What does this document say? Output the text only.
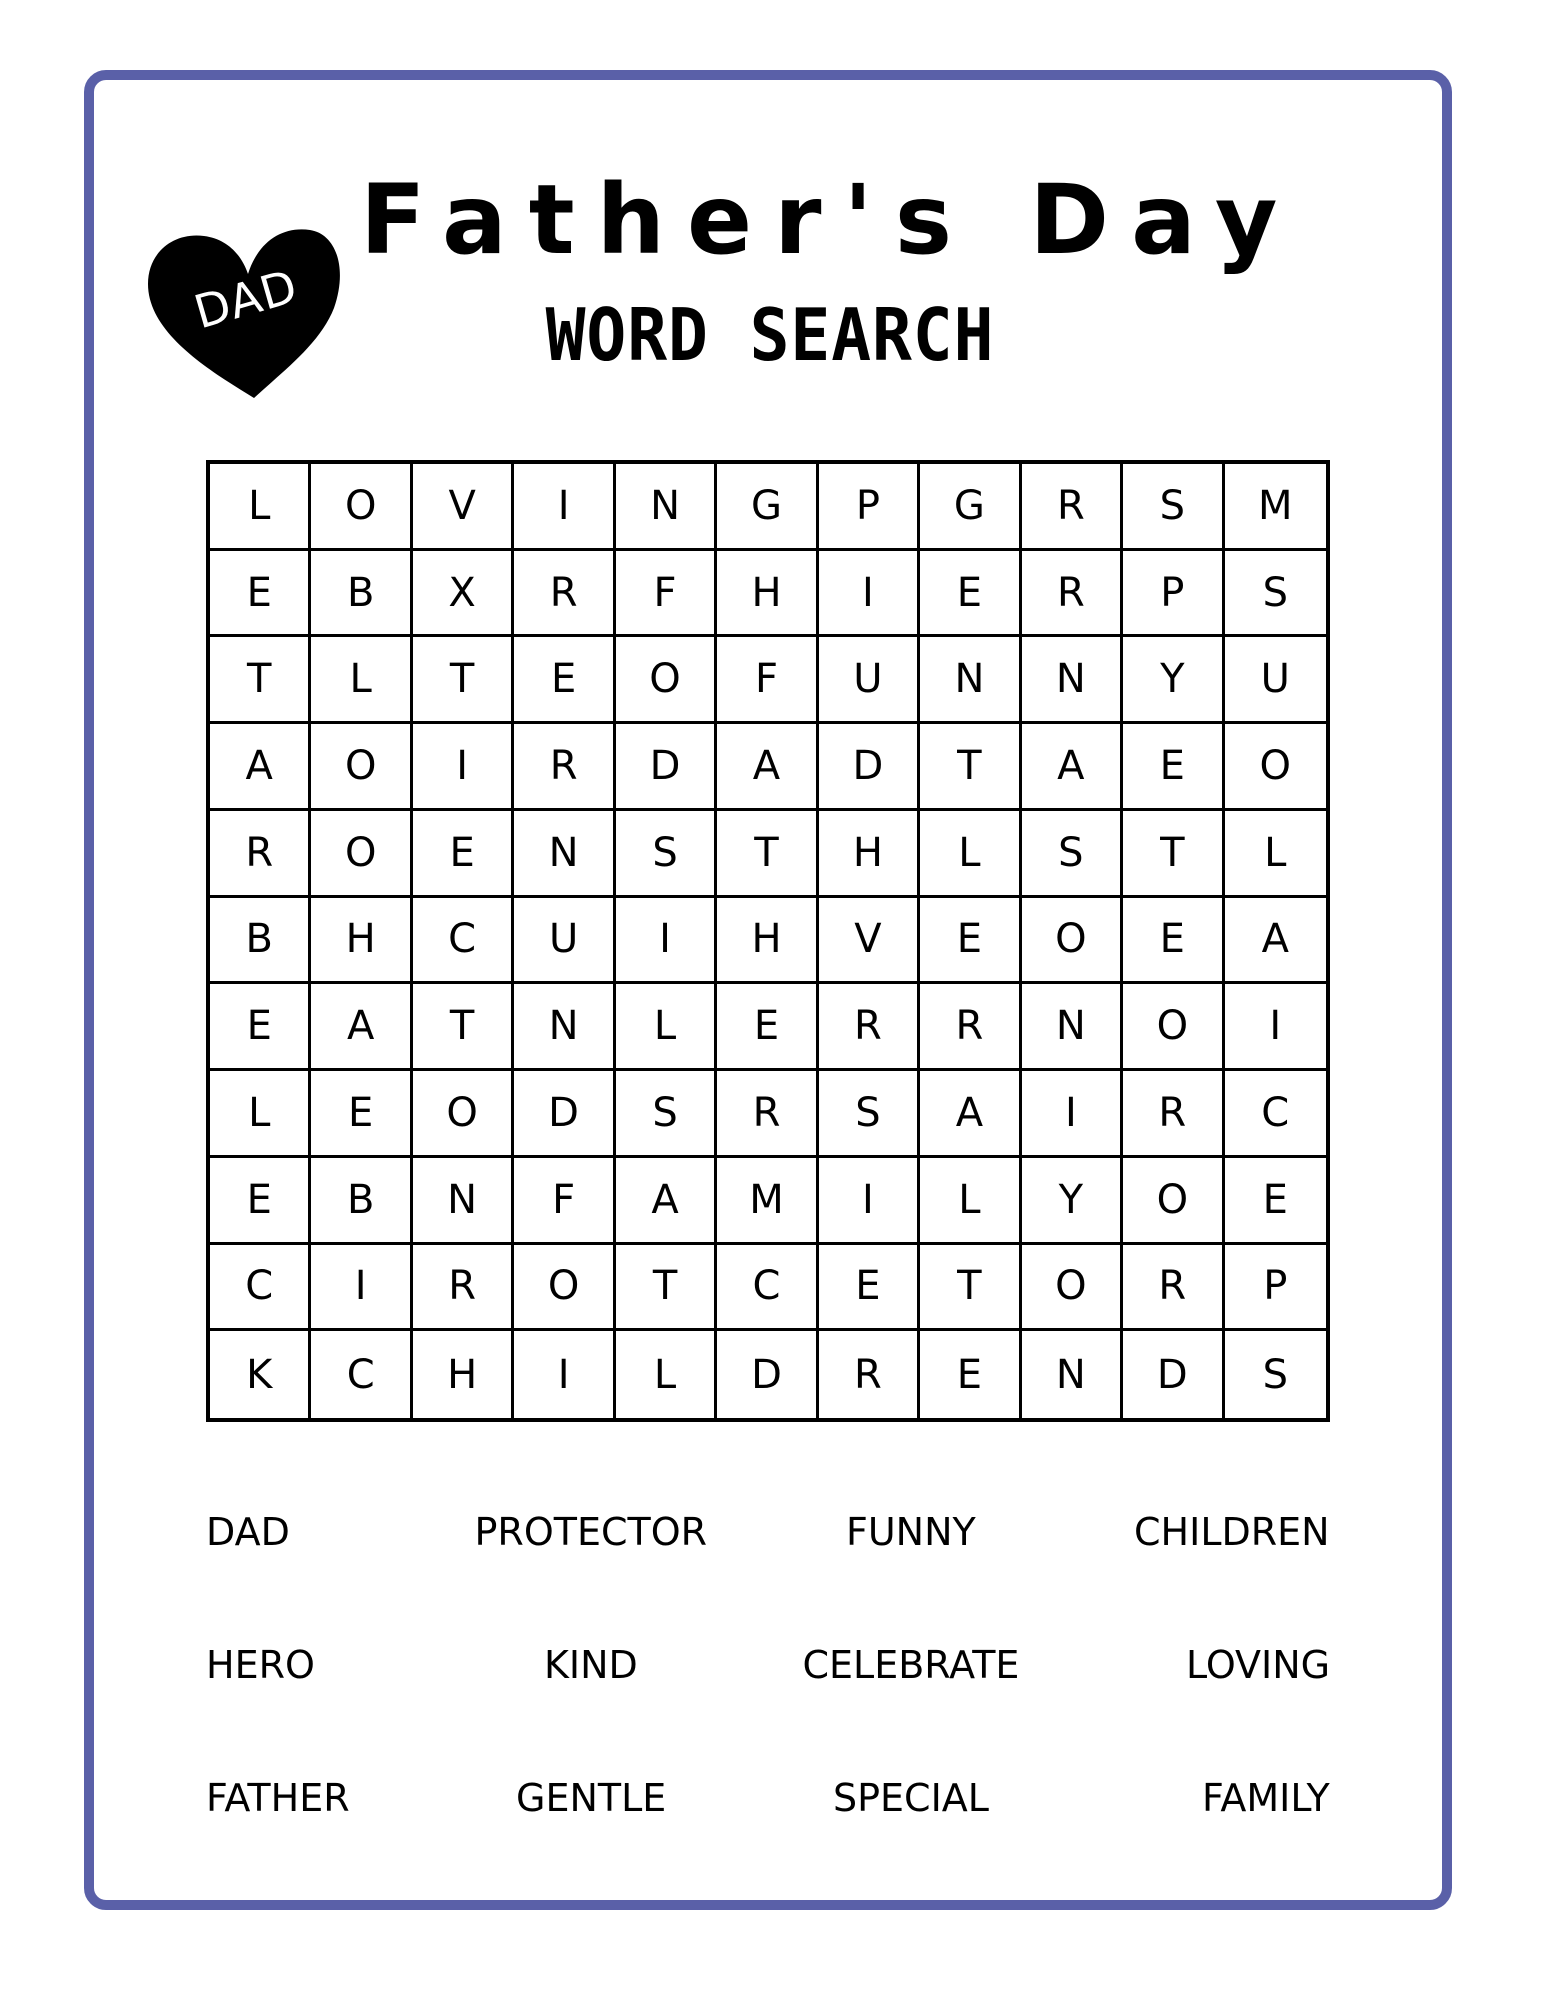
DAD
Father's Day
WORD SEARCH
L	O	V	I	N	G	P	G	R	S	M
E	B	X	R	F	H	I	E	R	P	S
T	L	T	E	O	F	U	N	N	Y	U
A	O	I	R	D	A	D	T	A	E	O
R	O	E	N	S	T	H	L	S	T	L
B	H	C	U	I	H	V	E	O	E	A
E	A	T	N	L	E	R	R	N	O	I
L	E	O	D	S	R	S	A	I	R	C
E	B	N	F	A	M	I	L	Y	O	E
C	I	R	O	T	C	E	T	O	R	P
K	C	H	I	L	D	R	E	N	D	S
DAD	PROTECTOR	FUNNY	CHILDREN
HERO	KIND	CELEBRATE	LOVING
FATHER	GENTLE	SPECIAL	FAMILY
